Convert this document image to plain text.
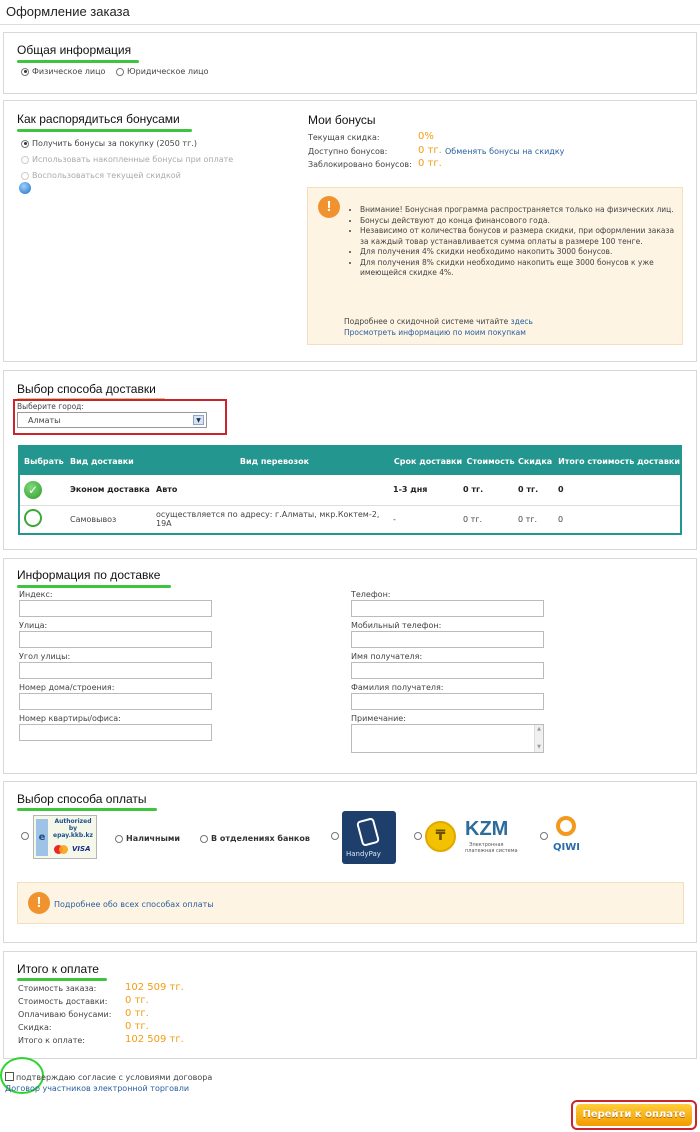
Оформление заказа
Общая информация
Физическое лицо	Юридическое лицо
Как распорядиться бонусами
Получить бонусы за покупку (2050 тг.)
Использовать накопленные бонусы при оплате
Воспользоваться текущей скидкой
Мои бонусы
Текущая скидка:	0%
Доступно бонусов:	0 тг. Обменять бонусы на скидку
Заблокировано бонусов: 0 тг.
!	• Внимание! Бонусная программа распространяется только на физических лиц.
• Бонусы действуют до конца финансового года.
• Независимо от количества бонусов и размера скидки, при оформлении заказа за каждый товар устанавливается сумма оплаты в размере 100 тенге.
• Для получения 4% скидки необходимо накопить 3000 бонусов.
• Для получения 8% скидки необходимо накопить еще 3000 бонусов к уже имеющейся скидке 4%.
Подробнее о скидочной системе читайте здесь
Просмотреть информацию по моим покупкам
Выбор способа доставки
Выберите город:
Алматы	▼
Выбрать	Вид доставки	Вид перевозок	Срок доставки	Стоимость	Скидка	Итого стоимость доставки
✓	Эконом доставка	Авто	1-3 дня	0 тг.	0 тг.	0
	Самовывоз	осуществляется по адресу: г.Алматы, мкр.Коктем-2, 19А	-	0 тг.	0 тг.	0
Информация по доставке
Индекс:
Улица:
Угол улицы:
Номер дома/строения:
Номер квартиры/офиса:
Телефон:
Мобильный телефон:
Имя получателя:
Фамилия получателя:
Примечание:
▲

▼
Выбор способа оплаты
e
Authorized
by
epay.kkb.kz
VISA
Наличными	В отделениях банков
HandyPay
₸ KZM
Электронная
платежная система	QIWI
!	Подробнее обо всех способах оплаты
Итого к оплате
Стоимость заказа:	102 509 тг.
Стоимость доставки: 0 тг.
Оплачиваю бонусами: 0 тг.
Скидка:	0 тг.
Итого к оплате:	102 509 тг.
подтверждаю согласие с условиями договора
Договор участников электронной торговли
Перейти к оплате
